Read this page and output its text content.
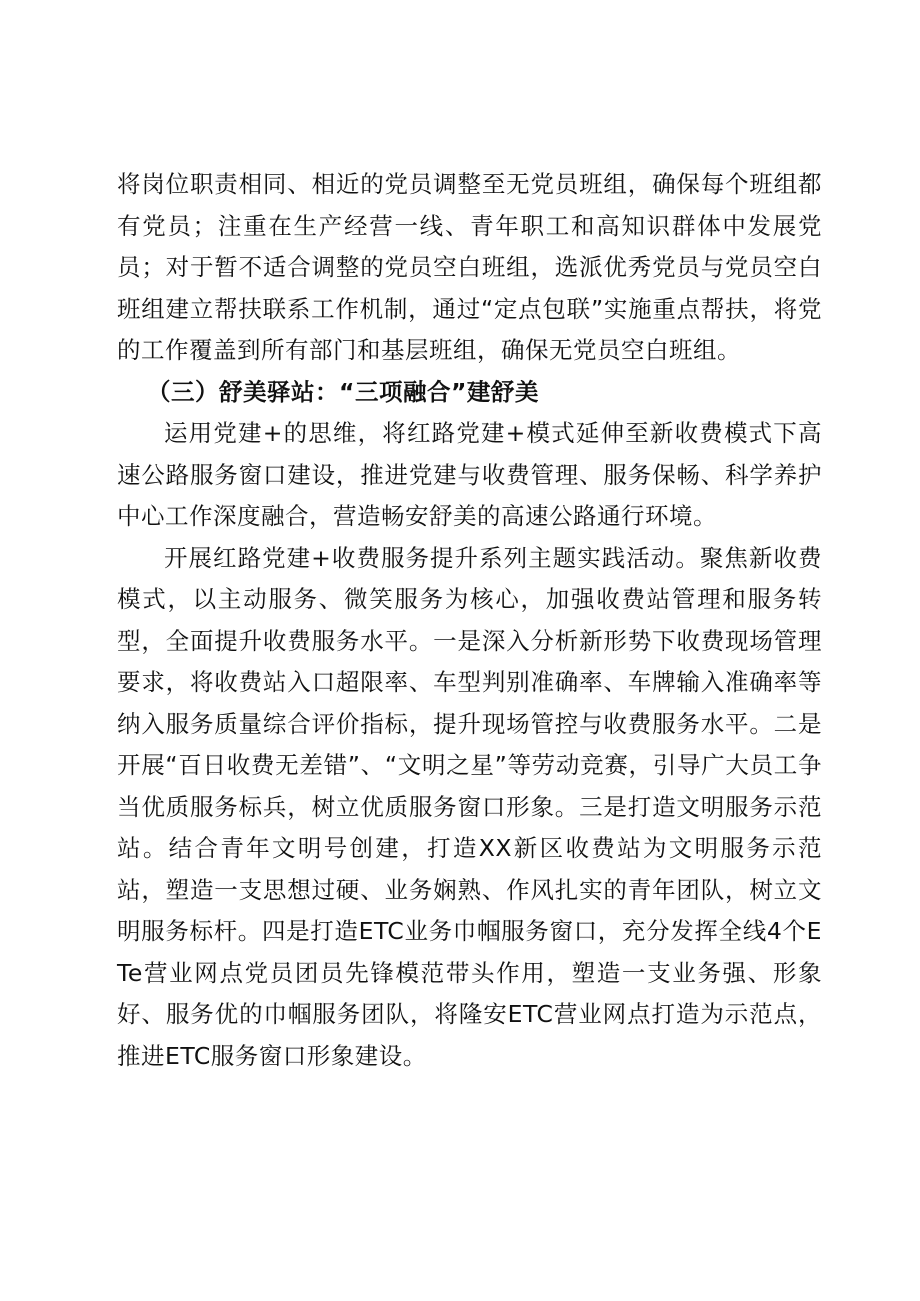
将岗位职责相同、相近的党员调整至无党员班组，确保每个班组都有党员；注重在生产经营一线、青年职工和高知识群体中发展党员；对于暂不适合调整的党员空白班组，选派优秀党员与党员空白班组建立帮扶联系工作机制，通过“定点包联”实施重点帮扶，将党的工作覆盖到所有部门和基层班组，确保无党员空白班组。

（三）舒美驿站：“三项融合”建舒美

运用党建+的思维，将红路党建+模式延伸至新收费模式下高速公路服务窗口建设，推进党建与收费管理、服务保畅、科学养护中心工作深度融合，营造畅安舒美的高速公路通行环境。

开展红路党建+收费服务提升系列主题实践活动。聚焦新收费模式，以主动服务、微笑服务为核心，加强收费站管理和服务转型，全面提升收费服务水平。一是深入分析新形势下收费现场管理要求，将收费站入口超限率、车型判别准确率、车牌输入准确率等纳入服务质量综合评价指标，提升现场管控与收费服务水平。二是开展“百日收费无差错”、“文明之星”等劳动竞赛，引导广大员工争当优质服务标兵，树立优质服务窗口形象。三是打造文明服务示范站。结合青年文明号创建，打造XX新区收费站为文明服务示范站，塑造一支思想过硬、业务娴熟、作风扎实的青年团队，树立文明服务标杆。四是打造ETC业务巾帼服务窗口，充分发挥全线4个ETe营业网点党员团员先锋模范带头作用，塑造一支业务强、形象好、服务优的巾帼服务团队，将隆安ETC营业网点打造为示范点，推进ETC服务窗口形象建设。
